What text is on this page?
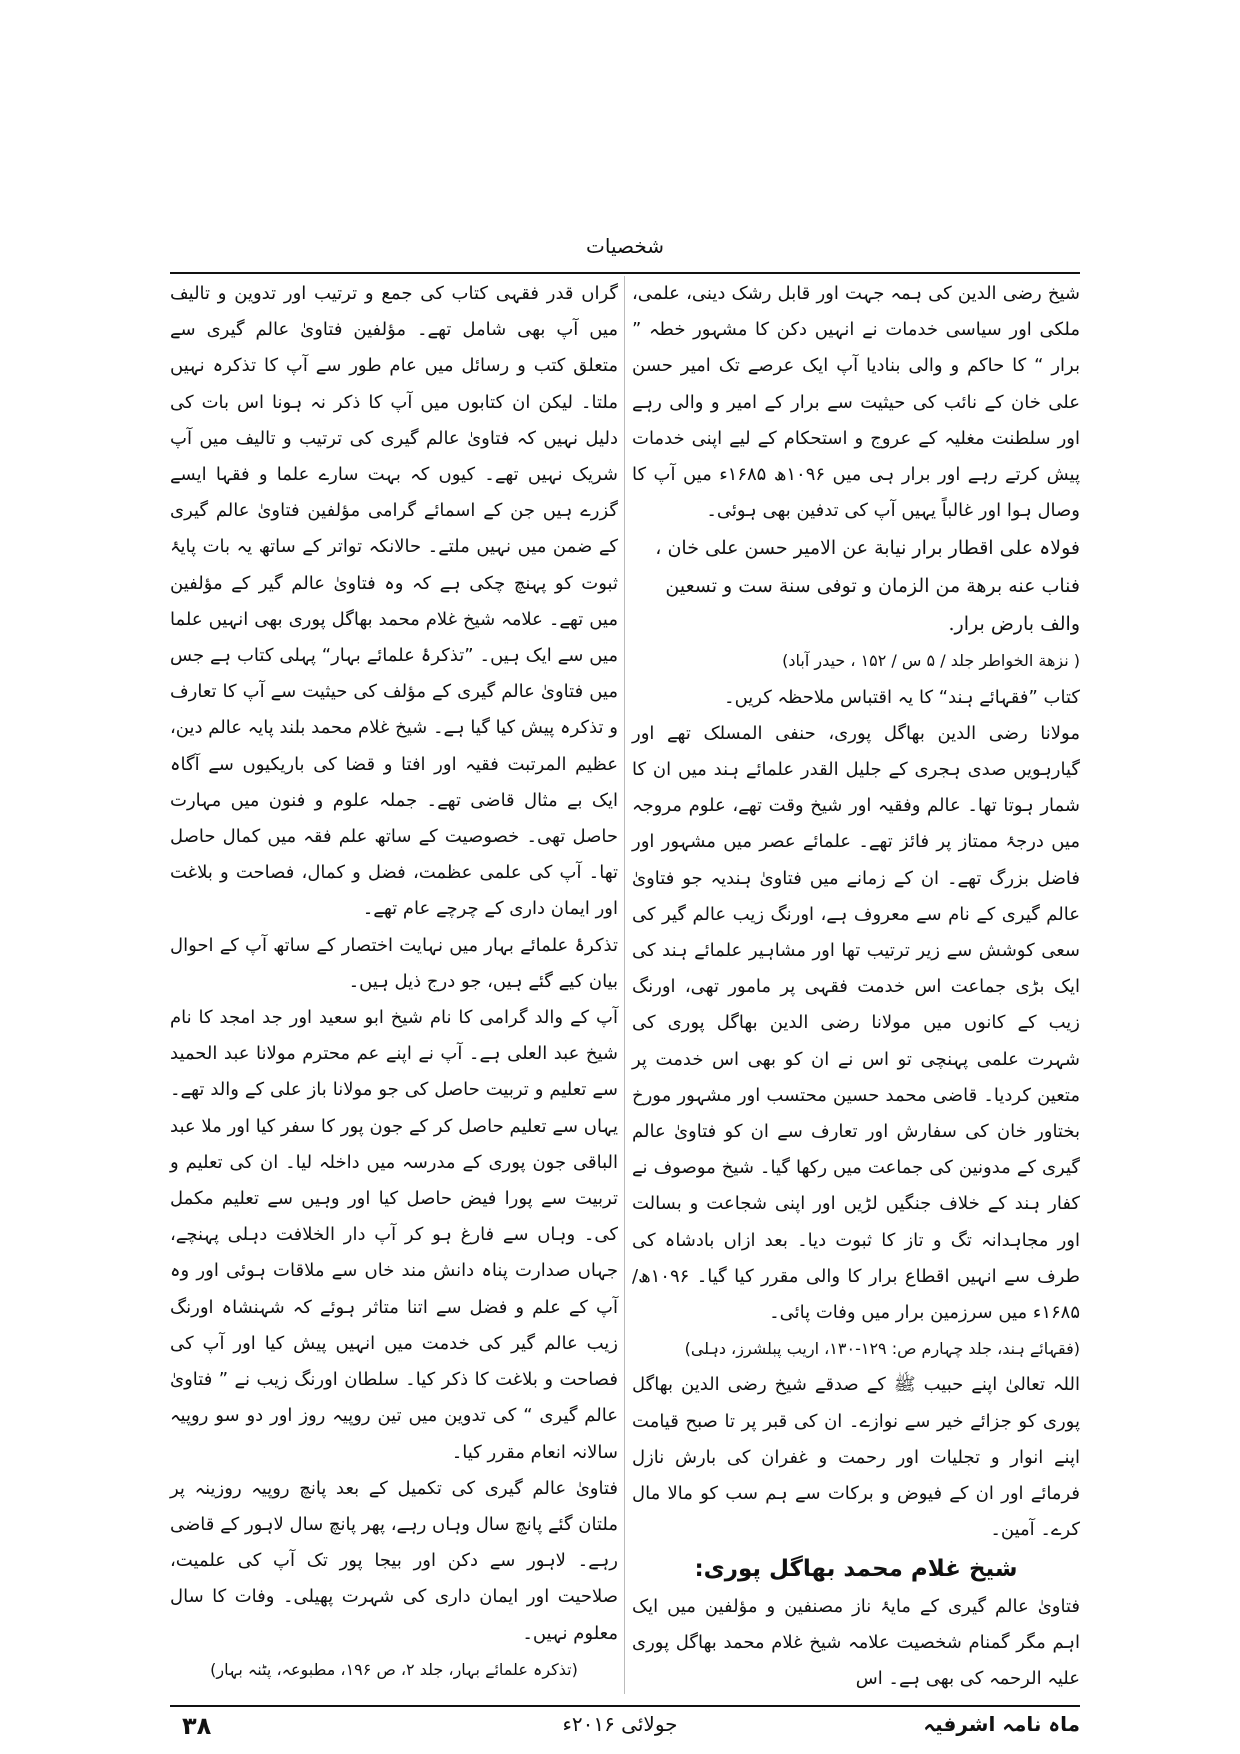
شخصیات

شیخ رضی الدین کی ہمہ جہت اور قابل رشک دینی، علمی، ملکی اور سیاسی خدمات نے انہیں دکن کا مشہور خطہ ” برار “ کا حاکم و والی بنادیا آپ ایک عرصے تک امیر حسن علی خان کے نائب کی حیثیت سے برار کے امیر و والی رہے اور سلطنت مغلیہ کے عروج و استحکام کے لیے اپنی خدمات پیش کرتے رہے اور برار ہی میں ۱۰۹۶ھ ۱۶۸۵ء میں آپ کا وصال ہوا اور غالباً یہیں آپ کی تدفین بھی ہوئی۔

فولاہ علی اقطار برار نیابة عن الامیر حسن علی خان ، فناب عنه برهة من الزمان و توفی سنة ست و تسعین والف بارض برار.

( نزهة الخواطر جلد / ۵ س / ۱۵۲ ، حیدر آباد)

کتاب ”فقہائے ہند“ کا یہ اقتباس ملاحظہ کریں۔

مولانا رضی الدین بھاگل پوری، حنفی المسلک تھے اور گیارہویں صدی ہجری کے جلیل القدر علمائے ہند میں ان کا شمار ہوتا تھا۔ عالم وفقیہ اور شیخ وقت تھے، علوم مروجہ میں درجۂ ممتاز پر فائز تھے۔ علمائے عصر میں مشہور اور فاضل بزرگ تھے۔ ان کے زمانے میں فتاویٰ ہندیہ جو فتاویٰ عالم گیری کے نام سے معروف ہے، اورنگ زیب عالم گیر کی سعی کوشش سے زیر ترتیب تھا اور مشاہیر علمائے ہند کی ایک بڑی جماعت اس خدمت فقہی پر مامور تھی، اورنگ زیب کے کانوں میں مولانا رضی الدین بھاگل پوری کی شہرت علمی پہنچی تو اس نے ان کو بھی اس خدمت پر متعین کردیا۔ قاضی محمد حسین محتسب اور مشہور مورخ بختاور خان کی سفارش اور تعارف سے ان کو فتاویٰ عالم گیری کے مدونین کی جماعت میں رکھا گیا۔ شیخ موصوف نے کفار ہند کے خلاف جنگیں لڑیں اور اپنی شجاعت و بسالت اور مجاہدانہ تگ و تاز کا ثبوت دیا۔ بعد ازاں بادشاہ کی طرف سے انہیں اقطاع برار کا والی مقرر کیا گیا۔ ۱۰۹۶ھ/۱۶۸۵ء میں سرزمین برار میں وفات پائی۔

(فقہائے ہند، جلد چہارم ص: ۱۲۹-۱۳۰، اریب پبلشرز، دہلی)

اللہ تعالیٰ اپنے حبیب ﷺ کے صدقے شیخ رضی الدین بھاگل پوری کو جزائے خیر سے نوازے۔ ان کی قبر پر تا صبح قیامت اپنے انوار و تجلیات اور رحمت و غفران کی بارش نازل فرمائے اور ان کے فیوض و برکات سے ہم سب کو مالا مال کرے۔ آمین۔

شیخ غلام محمد بھاگل پوری:

فتاویٰ عالم گیری کے مایۂ ناز مصنفین و مؤلفین میں ایک اہم مگر گمنام شخصیت علامہ شیخ غلام محمد بھاگل پوری علیہ الرحمہ کی بھی ہے۔ اس

گراں قدر فقہی کتاب کی جمع و ترتیب اور تدوین و تالیف میں آپ بھی شامل تھے۔ مؤلفین فتاویٰ عالم گیری سے متعلق کتب و رسائل میں عام طور سے آپ کا تذکرہ نہیں ملتا۔ لیکن ان کتابوں میں آپ کا ذکر نہ ہونا اس بات کی دلیل نہیں کہ فتاویٰ عالم گیری کی ترتیب و تالیف میں آپ شریک نہیں تھے۔ کیوں کہ بہت سارے علما و فقہا ایسے گزرے ہیں جن کے اسمائے گرامی مؤلفین فتاویٰ عالم گیری کے ضمن میں نہیں ملتے۔ حالانکہ تواتر کے ساتھ یہ بات پایۂ ثبوت کو پہنچ چکی ہے کہ وہ فتاویٰ عالم گیر کے مؤلفین میں تھے۔ علامہ شیخ غلام محمد بھاگل پوری بھی انہیں علما میں سے ایک ہیں۔ ”تذکرۂ علمائے بہار“ پہلی کتاب ہے جس میں فتاویٰ عالم گیری کے مؤلف کی حیثیت سے آپ کا تعارف و تذکرہ پیش کیا گیا ہے۔ شیخ غلام محمد بلند پایہ عالم دین، عظیم المرتبت فقیہ اور افتا و قضا کی باریکیوں سے آگاہ ایک بے مثال قاضی تھے۔ جملہ علوم و فنون میں مہارت حاصل تھی۔ خصوصیت کے ساتھ علم فقہ میں کمال حاصل تھا۔ آپ کی علمی عظمت، فضل و کمال، فصاحت و بلاغت اور ایمان داری کے چرچے عام تھے۔

تذکرۂ علمائے بہار میں نہایت اختصار کے ساتھ آپ کے احوال بیان کیے گئے ہیں، جو درج ذیل ہیں۔

آپ کے والد گرامی کا نام شیخ ابو سعید اور جد امجد کا نام شیخ عبد العلی ہے۔ آپ نے اپنے عم محترم مولانا عبد الحمید سے تعلیم و تربیت حاصل کی جو مولانا باز علی کے والد تھے۔ یہاں سے تعلیم حاصل کر کے جون پور کا سفر کیا اور ملا عبد الباقی جون پوری کے مدرسہ میں داخلہ لیا۔ ان کی تعلیم و تربیت سے پورا فیض حاصل کیا اور وہیں سے تعلیم مکمل کی۔ وہاں سے فارغ ہو کر آپ دار الخلافت دہلی پہنچے، جہاں صدارت پناہ دانش مند خاں سے ملاقات ہوئی اور وہ آپ کے علم و فضل سے اتنا متاثر ہوئے کہ شہنشاہ اورنگ زیب عالم گیر کی خدمت میں انہیں پیش کیا اور آپ کی فصاحت و بلاغت کا ذکر کیا۔ سلطان اورنگ زیب نے ” فتاویٰ عالم گیری “ کی تدوین میں تین روپیہ روز اور دو سو روپیہ سالانہ انعام مقرر کیا۔

فتاویٰ عالم گیری کی تکمیل کے بعد پانچ روپیہ روزینہ پر ملتان گئے پانچ سال وہاں رہے، پھر پانچ سال لاہور کے قاضی رہے۔ لاہور سے دکن اور بیجا پور تک آپ کی علمیت، صلاحیت اور ایمان داری کی شہرت پھیلی۔ وفات کا سال معلوم نہیں۔

(تذکرہ علمائے بہار، جلد ۲، ص ۱۹۶، مطبوعہ، پٹنہ بہار)

ماہ نامہ اشرفیہ
جولائی ۲۰۱۶ء
۳۸
